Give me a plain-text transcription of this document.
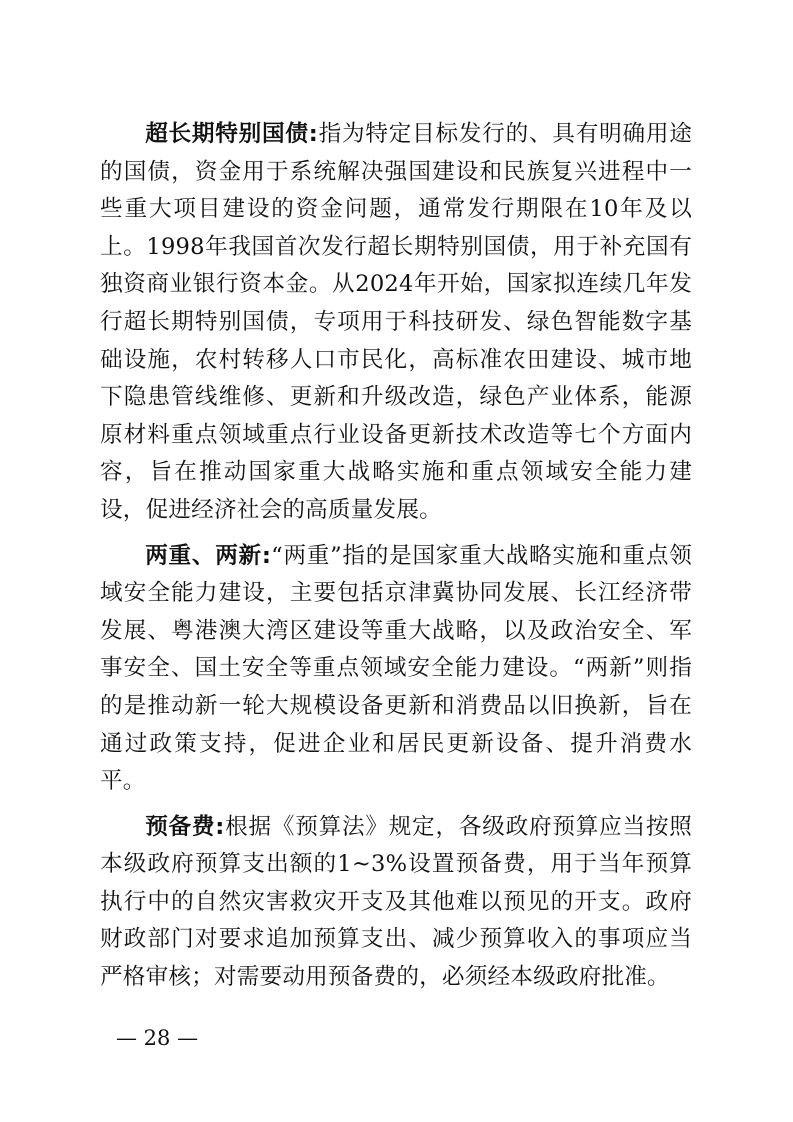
超长期特别国债:指为特定目标发行的、具有明确用途的国债，资金用于系统解决强国建设和民族复兴进程中一些重大项目建设的资金问题，通常发行期限在10年及以上。1998年我国首次发行超长期特别国债，用于补充国有独资商业银行资本金。从2024年开始，国家拟连续几年发行超长期特别国债，专项用于科技研发、绿色智能数字基础设施，农村转移人口市民化，高标准农田建设、城市地下隐患管线维修、更新和升级改造，绿色产业体系，能源原材料重点领域重点行业设备更新技术改造等七个方面内容，旨在推动国家重大战略实施和重点领域安全能力建设，促进经济社会的高质量发展。

两重、两新:“两重”指的是国家重大战略实施和重点领域安全能力建设，主要包括京津冀协同发展、长江经济带发展、粤港澳大湾区建设等重大战略，以及政治安全、军事安全、国土安全等重点领域安全能力建设。“两新”则指的是推动新一轮大规模设备更新和消费品以旧换新，旨在通过政策支持，促进企业和居民更新设备、提升消费水平。

预备费:根据《预算法》规定，各级政府预算应当按照本级政府预算支出额的1~3%设置预备费，用于当年预算执行中的自然灾害救灾开支及其他难以预见的开支。政府财政部门对要求追加预算支出、减少预算收入的事项应当严格审核；对需要动用预备费的，必须经本级政府批准。

— 28 —
